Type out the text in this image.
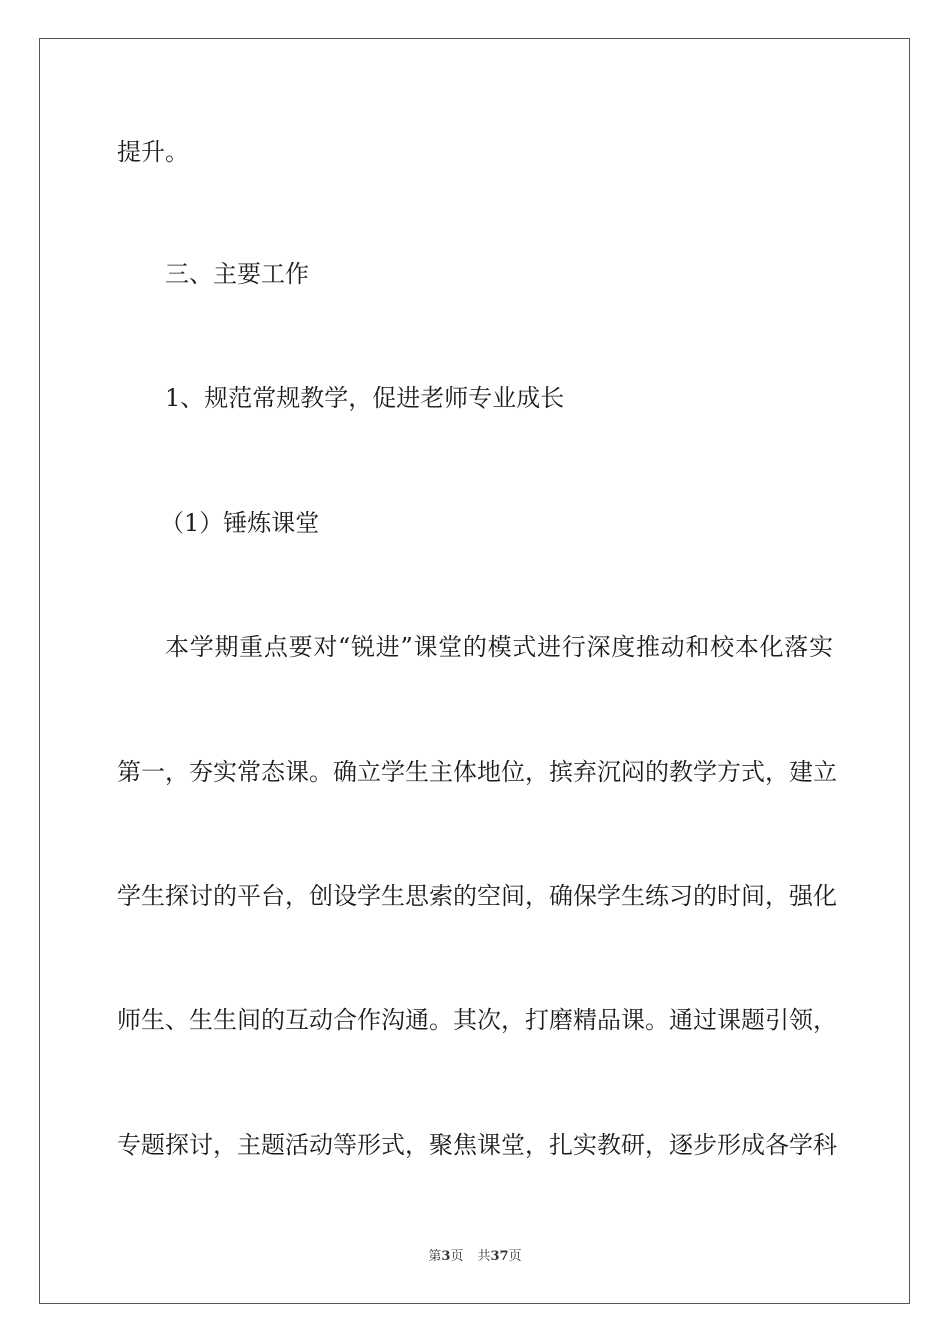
提升。

三、主要工作

1、规范常规教学，促进老师专业成长

（1）锤炼课堂

本学期重点要对“锐进”课堂的模式进行深度推动和校本化落实

第一，夯实常态课。确立学生主体地位，摈弃沉闷的教学方式，建立

学生探讨的平台，创设学生思索的空间，确保学生练习的时间，强化

师生、生生间的互动合作沟通。其次，打磨精品课。通过课题引领，

专题探讨，主题活动等形式，聚焦课堂，扎实教研，逐步形成各学科

第3页 共37页
